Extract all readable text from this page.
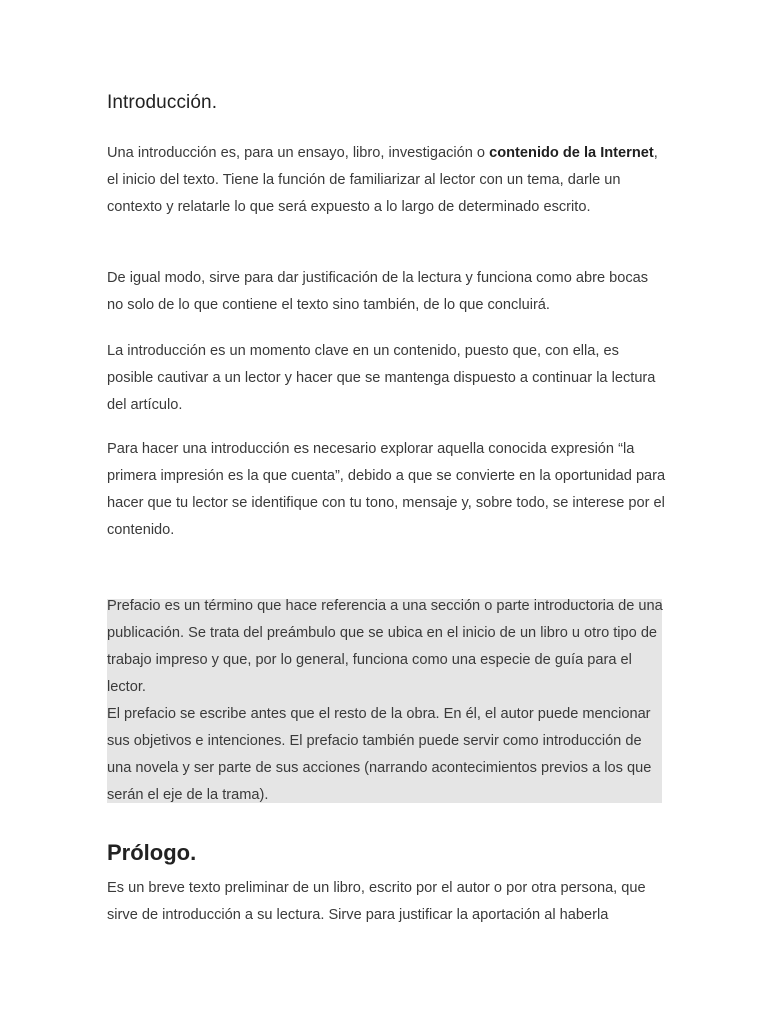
Introducción.

Una introducción es, para un ensayo, libro, investigación o contenido de la Internet, el inicio del texto. Tiene la función de familiarizar al lector con un tema, darle un contexto y relatarle lo que será expuesto a lo largo de determinado escrito.

De igual modo, sirve para dar justificación de la lectura y funciona como abre bocas no solo de lo que contiene el texto sino también, de lo que concluirá.

La introducción es un momento clave en un contenido, puesto que, con ella, es posible cautivar a un lector y hacer que se mantenga dispuesto a continuar la lectura del artículo.

Para hacer una introducción es necesario explorar aquella conocida expresión “la primera impresión es la que cuenta”, debido a que se convierte en la oportunidad para hacer que tu lector se identifique con tu tono, mensaje y, sobre todo, se interese por el contenido.

Prefacio es un término que hace referencia a una sección o parte introductoria de una publicación. Se trata del preámbulo que se ubica en el inicio de un libro u otro tipo de trabajo impreso y que, por lo general, funciona como una especie de guía para el lector.

El prefacio se escribe antes que el resto de la obra. En él, el autor puede mencionar sus objetivos e intenciones. El prefacio también puede servir como introducción de una novela y ser parte de sus acciones (narrando acontecimientos previos a los que serán el eje de la trama).

Prólogo.

Es un breve texto preliminar de un libro, escrito por el autor o por otra persona, que sirve de introducción a su lectura. Sirve para justificar la aportación al haberla
